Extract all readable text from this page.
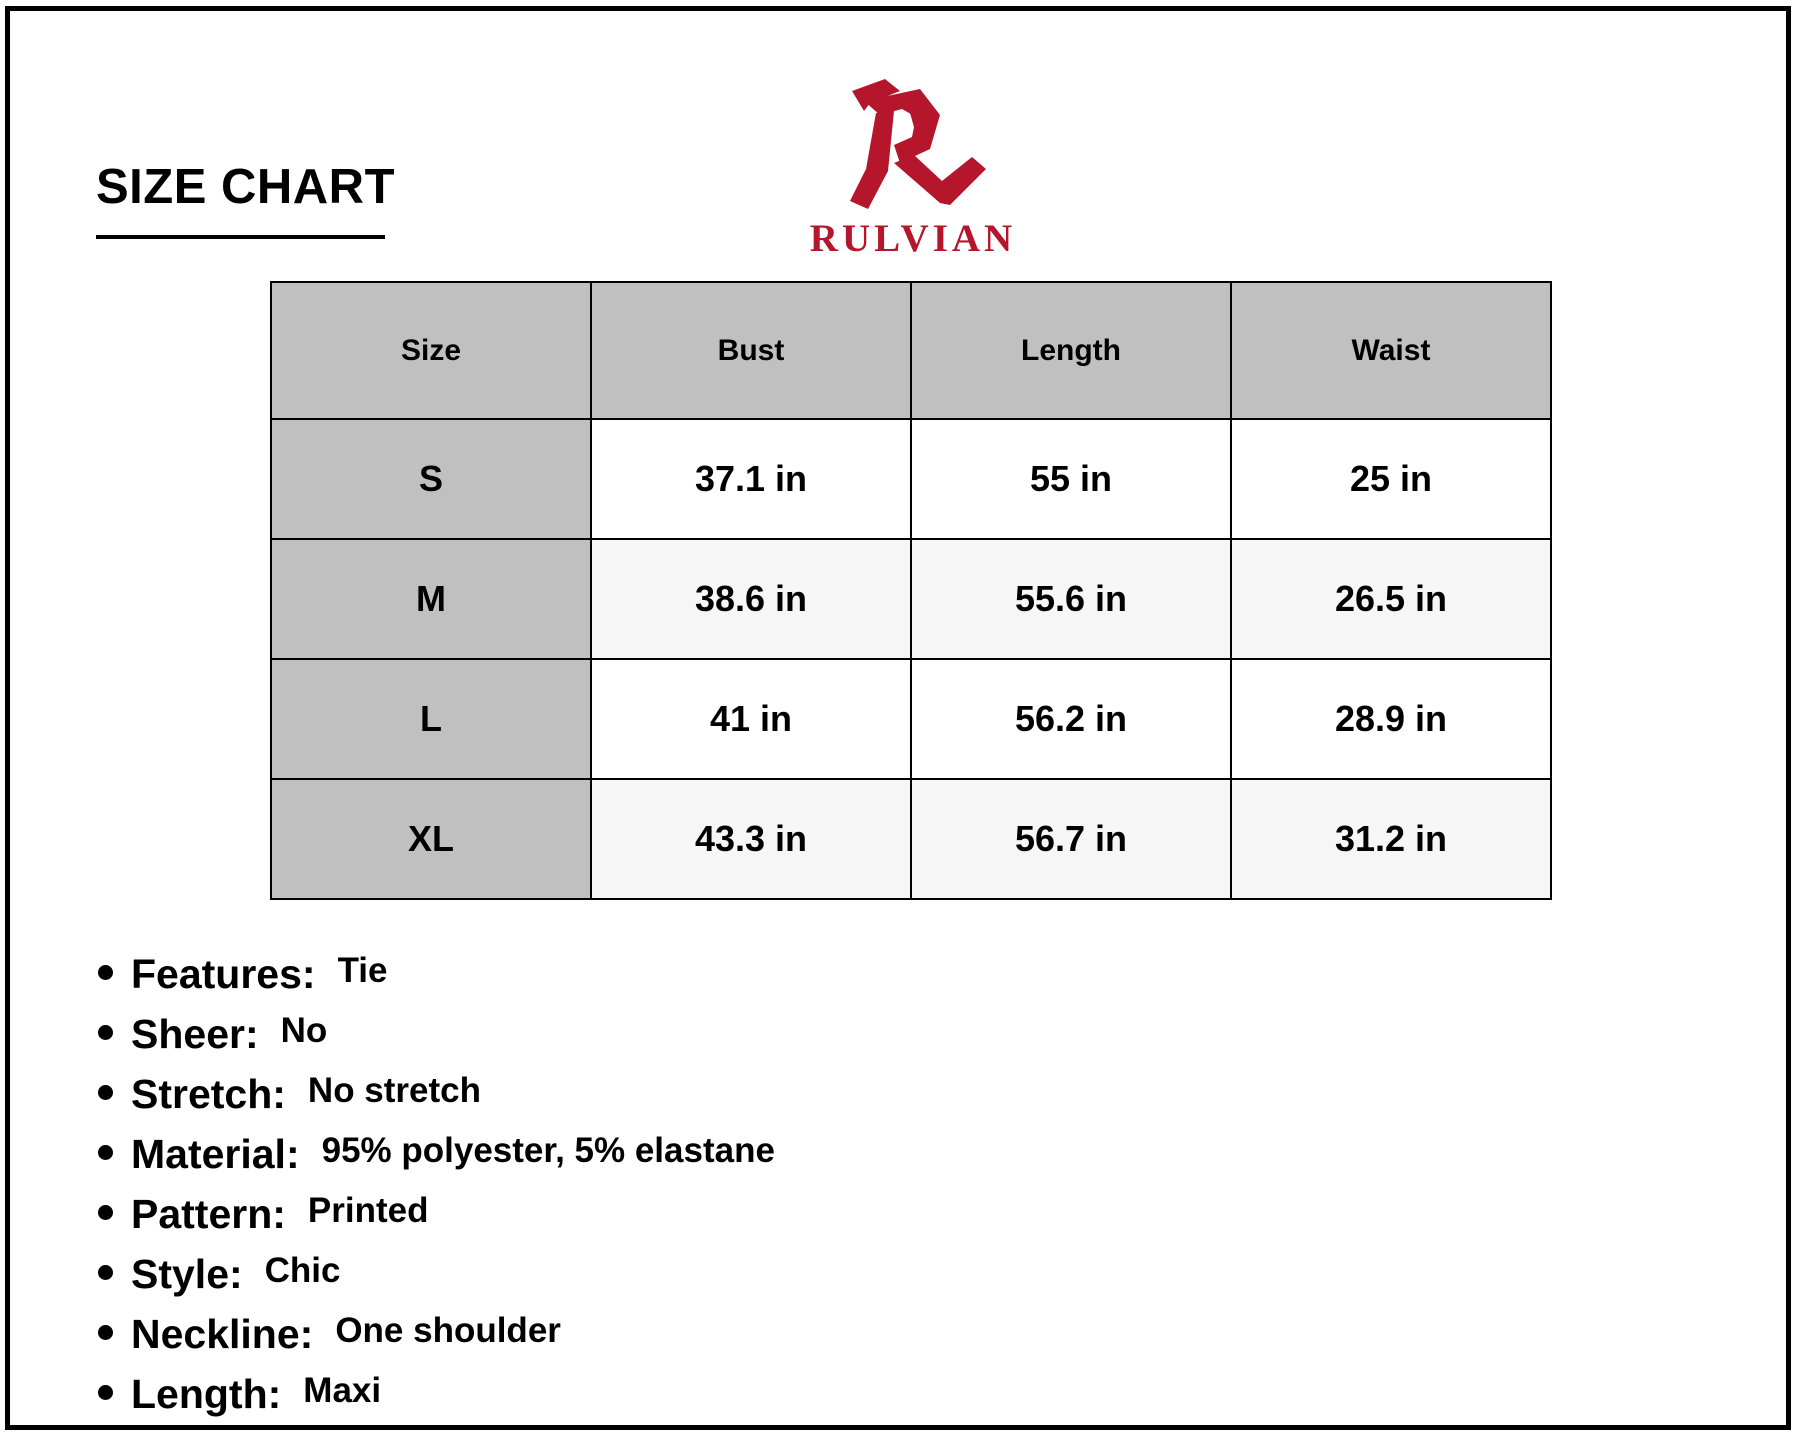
SIZE CHART
RULVIAN
Size	Bust	Length	Waist
S	37.1 in	55 in	25 in
M	38.6 in	55.6 in	26.5 in
L	41 in	56.2 in	28.9 in
XL	43.3 in	56.7 in	31.2 in
Features: Tie
Sheer: No
Stretch: No stretch
Material: 95% polyester, 5% elastane
Pattern: Printed
Style: Chic
Neckline: One shoulder
Length: Maxi
